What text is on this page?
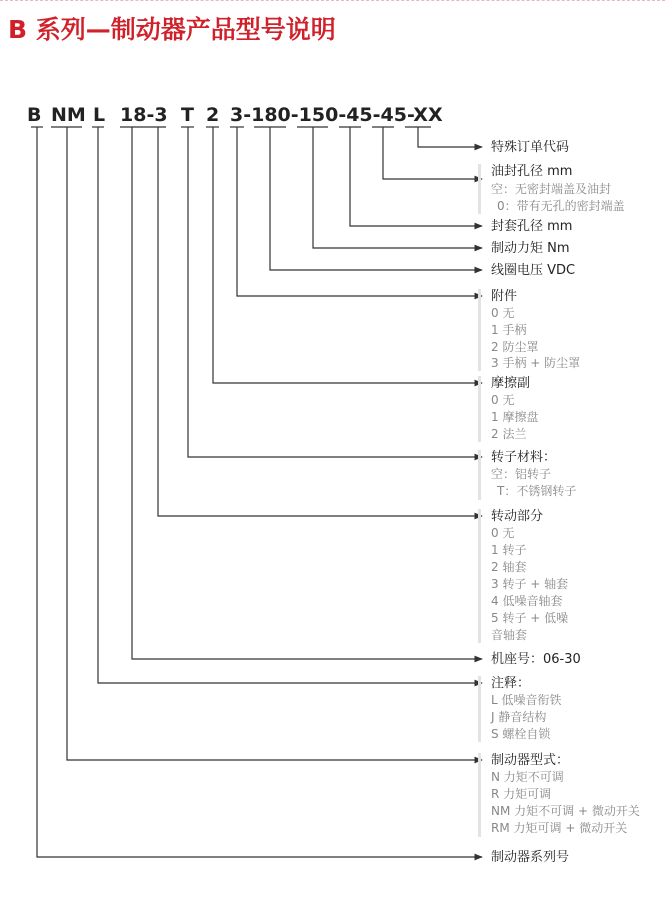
B 系列—制动器产品型号说明
B NM L 18-3 T 2 3-180-150-45-45-XX
特殊订单代码
油封孔径 mm
空：无密封端盖及油封
0：带有无孔的密封端盖
封套孔径 mm
制动力矩 Nm
线圈电压 VDC
附件
0 无
1 手柄
2 防尘罩
3 手柄 + 防尘罩
摩擦副
0 无
1 摩擦盘
2 法兰
转子材料：
空：铝转子
T：不锈钢转子
转动部分
0 无
1 转子
2 轴套
3 转子 + 轴套
4 低噪音轴套
5 转子 + 低噪
音轴套
机座号：06-30
注释：
L 低噪音衔铁
J 静音结构
S 螺栓自锁
制动器型式：
N 力矩不可调
R 力矩可调
NM 力矩不可调 + 微动开关
RM 力矩可调 + 微动开关
制动器系列号
